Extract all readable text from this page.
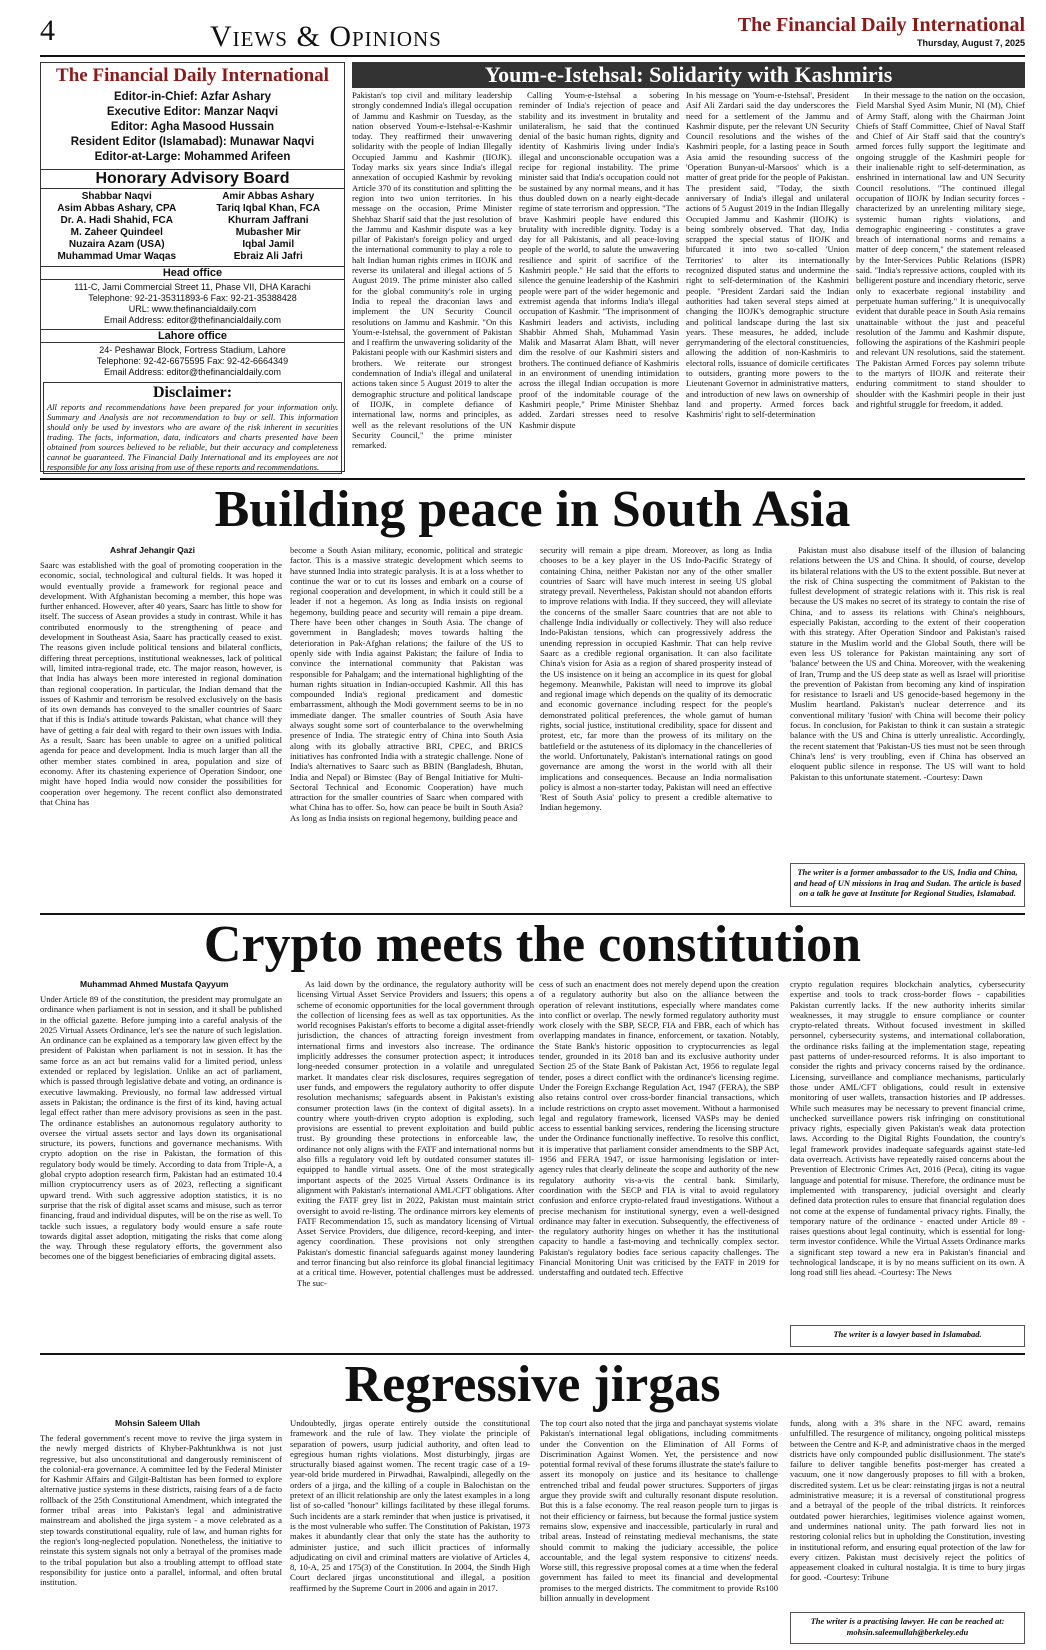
4	Views & Opinions	The Financial Daily International
Thursday, August 7, 2025
The Financial Daily International
Editor-in-Chief: Azfar Ashary
Executive Editor: Manzar Naqvi
Editor: Agha Masood Hussain
Resident Editor (Islamabad): Munawar Naqvi
Editor-at-Large: Mohammed Arifeen
Honorary Advisory Board
Shabbar Naqvi
Asim Abbas Ashary, CPA
Dr. A. Hadi Shahid, FCA
M. Zaheer Quindeel
Nuzaira Azam (USA)
Muhammad Umar Waqas
Amir Abbas Ashary
Tariq Iqbal Khan, FCA
Khurram Jaffrani
Mubasher Mir
Iqbal Jamil
Ebraiz Ali Jafri
Head office
111-C, Jami Commercial Street 11, Phase VII, DHA Karachi
Telephone: 92-21-35311893-6 Fax: 92-21-35388428
URL: www.thefinancialdaily.com
Email Address: editor@thefinancialdaily.com
Lahore office
24- Peshawar Block, Fortress Stadium, Lahore
Telephone: 92-42-6675595 Fax: 92-42-6664349
Email Address: editor@thefinancialdaily.com
Disclaimer:
All reports and recommendations have been prepared for your information only. Summary and Analysis are not recommendation to buy or sell. This information should only be used by investors who are aware of the risk inherent in securities trading. The facts, information, data, indicators and charts presented have been obtained from sources believed to be reliable, but their accuracy and completeness cannot be guaranteed. The Financial Daily International and its employees are not responsible for any loss arising from use of these reports and recommendations.
Youm-e-Istehsal: Solidarity with Kashmiris

Pakistan's top civil and military leadership strongly condemned India's illegal occupation of Jammu and Kashmir on Tuesday, as the nation observed Youm-e-Istehsal-e-Kashmir today. They reaffirmed their unwavering solidarity with the people of Indian Illegally Occupied Jammu and Kashmir (IIOJK). Today marks six years since India's illegal annexation of occupied Kashmir by revoking Article 370 of its constitution and splitting the region into two union territories. In his message on the occasion, Prime Minister Shehbaz Sharif said that the just resolution of the Jammu and Kashmir dispute was a key pillar of Pakistan's foreign policy and urged the international community to play a role to halt Indian human rights crimes in IIOJK and reverse its unilateral and illegal actions of 5 August 2019. The prime minister also called for the global community's role in urging India to repeal the draconian laws and implement the UN Security Council resolutions on Jammu and Kashmir. "On this Youm-e-Istehsal, the government of Pakistan and I reaffirm the unwavering solidarity of the Pakistani people with our Kashmiri sisters and brothers. We reiterate our strongest condemnation of India's illegal and unilateral actions taken since 5 August 2019 to alter the demographic structure and political landscape of IIOJK, in complete defiance of international law, norms and principles, as well as the relevant resolutions of the UN Security Council," the prime minister remarked.

Calling Youm-e-Istehsal a sobering reminder of India's rejection of peace and stability and its investment in brutality and unilateralism, he said that the continued denial of the basic human rights, dignity and identity of Kashmiris living under India's illegal and unconscionable occupation was a recipe for regional instability. The prime minister said that India's occupation could not be sustained by any normal means, and it has thus doubled down on a nearly eight-decade regime of state terrorism and oppression. "The brave Kashmiri people have endured this brutality with incredible dignity. Today is a day for all Pakistanis, and all peace-loving people of the world, to salute the unwavering resilience and spirit of sacrifice of the Kashmiri people." He said that the efforts to silence the genuine leadership of the Kashmiri people were part of the wider hegemonic and extremist agenda that informs India's illegal occupation of Kashmir. "The imprisonment of Kashmiri leaders and activists, including Shabbir Ahmed Shah, Muhammad Yasin Malik and Masarrat Alam Bhatt, will never dim the resolve of our Kashmiri sisters and brothers. The continued defiance of Kashmiris in an environment of unending intimidation across the illegal Indian occupation is more proof of the indomitable courage of the Kashmiri people," Prime Minister Shehbaz added. Zardari stresses need to resolve Kashmir dispute

In his message on 'Youm-e-Istehsal', President Asif Ali Zardari said the day underscores the need for a settlement of the Jammu and Kashmir dispute, per the relevant UN Security Council resolutions and the wishes of the Kashmiri people, for a lasting peace in South Asia amid the resounding success of the 'Operation Bunyan-ul-Marsoos' which is a matter of great pride for the people of Pakistan. The president said, "Today, the sixth anniversary of India's illegal and unilateral actions of 5 August 2019 in the Indian Illegally Occupied Jammu and Kashmir (IIOJK) is being sombrely observed. That day, India scrapped the special status of IIOJK and bifurcated it into two so-called 'Union Territories' to alter its internationally recognized disputed status and undermine the right to self-determination of the Kashmiri people. "President Zardari said the Indian authorities had taken several steps aimed at changing the IIOJK's demographic structure and political landscape during the last six years. These measures, he added, include gerrymandering of the electoral constituencies, allowing the addition of non-Kashmiris to electoral rolls, issuance of domicile certificates to outsiders, granting more powers to the Lieutenant Governor in administrative matters, and introduction of new laws on ownership of land and property. Armed forces back Kashmiris' right to self-determination

In their message to the nation on the occasion, Field Marshal Syed Asim Munir, NI (M), Chief of Army Staff, along with the Chairman Joint Chiefs of Staff Committee, Chief of Naval Staff and Chief of Air Staff said that the country's armed forces fully support the legitimate and ongoing struggle of the Kashmiri people for their inalienable right to self-determination, as enshrined in international law and UN Security Council resolutions. "The continued illegal occupation of IIOJK by Indian security forces - characterized by an unrelenting military siege, systemic human rights violations, and demographic engineering - constitutes a grave breach of international norms and remains a matter of deep concern," the statement released by the Inter-Services Public Relations (ISPR) said. "India's repressive actions, coupled with its belligerent posture and incendiary rhetoric, serve only to exacerbate regional instability and perpetuate human suffering." It is unequivocally evident that durable peace in South Asia remains unattainable without the just and peaceful resolution of the Jammu and Kashmir dispute, following the aspirations of the Kashmiri people and relevant UN resolutions, said the statement. The Pakistan Armed Forces pay solemn tribute to the martyrs of IIOJK and reiterate their enduring commitment to stand shoulder to shoulder with the Kashmiri people in their just and rightful struggle for freedom, it added.

Building peace in South Asia
Ashraf Jehangir Qazi

Saarc was established with the goal of promoting cooperation in the economic, social, technological and cultural fields. It was hoped it would eventually provide a framework for regional peace and development. With Afghanistan becoming a member, this hope was further enhanced. However, after 40 years, Saarc has little to show for itself. The success of Asean provides a study in contrast. While it has contributed enormously to the strengthening of peace and development in Southeast Asia, Saarc has practically ceased to exist. The reasons given include political tensions and bilateral conflicts, differing threat perceptions, institutional weaknesses, lack of political will, limited intra-regional trade, etc. The major reason, however, is that India has always been more interested in regional domination than regional cooperation. In particular, the Indian demand that the issues of Kashmir and terrorism be resolved exclusively on the basis of its own demands has conveyed to the smaller countries of Saarc that if this is India's attitude towards Pakistan, what chance will they have of getting a fair deal with regard to their own issues with India. As a result, Saarc has been unable to agree on a unified political agenda for peace and development. India is much larger than all the other member states combined in area, population and size of economy. After its chastening experience of Operation Sindoor, one might have hoped India would now consider the possibilities for cooperation over hegemony. The recent conflict also demonstrated that China has

become a South Asian military, economic, political and strategic factor. This is a massive strategic development which seems to have stunned India into strategic paralysis. It is at a loss whether to continue the war or to cut its losses and embark on a course of regional cooperation and development, in which it could still be a leader if not a hegemon. As long as India insists on regional hegemony, building peace and security will remain a pipe dream. There have been other changes in South Asia. The change of government in Bangladesh; moves towards halting the deterioration in Pak-Afghan relations; the failure of the US to openly side with India against Pakistan; the failure of India to convince the international community that Pakistan was responsible for Pahalgam; and the international highlighting of the human rights situation in Indian-occupied Kashmir. All this has compounded India's regional predicament and domestic embarrassment, although the Modi government seems to be in no immediate danger. The smaller countries of South Asia have always sought some sort of counterbalance to the overwhelming presence of India. The strategic entry of China into South Asia along with its globally attractive BRI, CPEC, and BRICS initiatives has confronted India with a strategic challenge. None of India's alternatives to Saarc such as BBIN (Bangladesh, Bhutan, India and Nepal) or Bimstec (Bay of Bengal Initiative for Multi-Sectoral Technical and Economic Cooperation) have much attraction for the smaller countries of Saarc when compared with what China has to offer. So, how can peace be built in South Asia? As long as India insists on regional hegemony, building peace and

security will remain a pipe dream. Moreover, as long as India chooses to be a key player in the US Indo-Pacific Strategy of containing China, neither Pakistan nor any of the other smaller countries of Saarc will have much interest in seeing US global strategy prevail. Nevertheless, Pakistan should not abandon efforts to improve relations with India. If they succeed, they will alleviate the concerns of the smaller Saarc countries that are not able to challenge India individually or collectively. They will also reduce Indo-Pakistan tensions, which can progressively address the unending repression in occupied Kashmir. That can help revive Saarc as a credible regional organisation. It can also facilitate China's vision for Asia as a region of shared prosperity instead of the US insistence on it being an accomplice in its quest for global hegemony. Meanwhile, Pakistan will need to improve its global and regional image which depends on the quality of its democratic and economic governance including respect for the people's demonstrated political preferences, the whole gamut of human rights, social justice, institutional credibility, space for dissent and protest, etc, far more than the prowess of its military on the battlefield or the astuteness of its diplomacy in the chancelleries of the world. Unfortunately, Pakistan's international ratings on good governance are among the worst in the world with all their implications and consequences. Because an India normalisation policy is almost a non-starter today, Pakistan will need an effective 'Rest of South Asia' policy to present a credible alternative to Indian hegemony.

Pakistan must also disabuse itself of the illusion of balancing relations between the US and China. It should, of course, develop its bilateral relations with the US to the extent possible. But never at the risk of China suspecting the commitment of Pakistan to the fullest development of strategic relations with it. This risk is real because the US makes no secret of its strategy to contain the rise of China, and to assess its relations with China's neighbours, especially Pakistan, according to the extent of their cooperation with this strategy. After Operation Sindoor and Pakistan's raised stature in the Muslim world and the Global South, there will be even less US tolerance for Pakistan maintaining any sort of 'balance' between the US and China. Moreover, with the weakening of Iran, Trump and the US deep state as well as Israel will prioritise the prevention of Pakistan from becoming any kind of inspiration for resistance to Israeli and US genocide-based hegemony in the Muslim heartland. Pakistan's nuclear deterrence and its conventional military 'fusion' with China will become their policy focus. In conclusion, for Pakistan to think it can sustain a strategic balance with the US and China is utterly unrealistic. Accordingly, the recent statement that 'Pakistan-US ties must not be seen through China's lens' is very troubling, even if China has observed an eloquent public silence in response. The US will want to hold Pakistan to this unfortunate statement. -Courtesy: Dawn

The writer is a former ambassador to the US, India and China, and head of UN missions in Iraq and Sudan. The article is based on a talk he gave at Institute for Regional Studies, Islamabad.
Crypto meets the constitution
Muhammad Ahmed Mustafa Qayyum

Under Article 89 of the constitution, the president may promulgate an ordinance when parliament is not in session, and it shall be published in the official gazette. Before jumping into a careful analysis of the 2025 Virtual Assets Ordinance, let's see the nature of such legislation. An ordinance can be explained as a temporary law given effect by the president of Pakistan when parliament is not in session. It has the same force as an act but remains valid for a limited period, unless extended or replaced by legislation. Unlike an act of parliament, which is passed through legislative debate and voting, an ordinance is executive lawmaking. Previously, no formal law addressed virtual assets in Pakistan; the ordinance is the first of its kind, having actual legal effect rather than mere advisory provisions as seen in the past. The ordinance establishes an autonomous regulatory authority to oversee the virtual assets sector and lays down its organisational structure, its powers, functions and governance mechanisms. With crypto adoption on the rise in Pakistan, the formation of this regulatory body would be timely. According to data from Triple-A, a global crypto adoption research firm, Pakistan had an estimated 10.4 million cryptocurrency users as of 2023, reflecting a significant upward trend. With such aggressive adoption statistics, it is no surprise that the risk of digital asset scams and misuse, such as terror financing, fraud and individual disputes, will be on the rise as well. To tackle such issues, a regulatory body would ensure a safe route towards digital asset adoption, mitigating the risks that come along the way. Through these regulatory efforts, the government also becomes one of the biggest beneficiaries of embracing digital assets.

As laid down by the ordinance, the regulatory authority will be licensing Virtual Asset Service Providers and Issuers; this opens a scheme of economic opportunities for the local government through the collection of licensing fees as well as tax opportunities. As the world recognises Pakistan's efforts to become a digital asset-friendly jurisdiction, the chances of attracting foreign investment from international firms and investors also increase. The ordinance implicitly addresses the consumer protection aspect; it introduces long-needed consumer protection in a volatile and unregulated market. It mandates clear risk disclosures, requires segregation of user funds, and empowers the regulatory authority to offer dispute resolution mechanisms; safeguards absent in Pakistan's existing consumer protection laws (in the context of digital assets). In a country where youth-driven crypto adoption is exploding, such provisions are essential to prevent exploitation and build public trust. By grounding these protections in enforceable law, the ordinance not only aligns with the FATF and international norms but also fills a regulatory void left by outdated consumer statutes ill-equipped to handle virtual assets. One of the most strategically important aspects of the 2025 Virtual Assets Ordinance is its alignment with Pakistan's international AML/CFT obligations. After exiting the FATF grey list in 2022, Pakistan must maintain strict oversight to avoid re-listing. The ordinance mirrors key elements of FATF Recommendation 15, such as mandatory licensing of Virtual Asset Service Providers, due diligence, record-keeping, and inter-agency coordination. These provisions not only strengthen Pakistan's domestic financial safeguards against money laundering and terror financing but also reinforce its global financial legitimacy at a critical time. However, potential challenges must be addressed. The suc-

cess of such an enactment does not merely depend upon the creation of a regulatory authority but also on the alliance between the operation of relevant institutions, especially where mandates come into conflict or overlap. The newly formed regulatory authority must work closely with the SBP, SECP, FIA and FBR, each of which has overlapping mandates in finance, enforcement, or taxation. Notably, the State Bank's historic opposition to cryptocurrencies as legal tender, grounded in its 2018 ban and its exclusive authority under Section 25 of the State Bank of Pakistan Act, 1956 to regulate legal tender, poses a direct conflict with the ordinance's licensing regime. Under the Foreign Exchange Regulation Act, 1947 (FERA), the SBP also retains control over cross-border financial transactions, which include restrictions on crypto asset movement. Without a harmonised legal and regulatory framework, licensed VASPs may be denied access to essential banking services, rendering the licensing structure under the Ordinance functionally ineffective. To resolve this conflict, it is imperative that parliament consider amendments to the SBP Act, 1956 and FERA 1947, or issue harmonising legislation or inter-agency rules that clearly delineate the scope and authority of the new regulatory authority vis-a-vis the central bank. Similarly, coordination with the SECP and FIA is vital to avoid regulatory confusion and enforce crypto-related fraud investigations. Without a precise mechanism for institutional synergy, even a well-designed ordinance may falter in execution. Subsequently, the effectiveness of the regulatory authority hinges on whether it has the institutional capacity to handle a fast-moving and technically complex sector. Pakistan's regulatory bodies face serious capacity challenges. The Financial Monitoring Unit was criticised by the FATF in 2019 for understaffing and outdated tech. Effective

crypto regulation requires blockchain analytics, cybersecurity expertise and tools to track cross-border flows - capabilities Pakistan currently lacks. If the new authority inherits similar weaknesses, it may struggle to ensure compliance or counter crypto-related threats. Without focused investment in skilled personnel, cybersecurity systems, and international collaboration, the ordinance risks failing at the implementation stage, repeating past patterns of under-resourced reforms. It is also important to consider the rights and privacy concerns raised by the ordinance. Licensing, surveillance and compliance mechanisms, particularly those under AML/CFT obligations, could result in extensive monitoring of user wallets, transaction histories and IP addresses. While such measures may be necessary to prevent financial crime, unchecked surveillance powers risk infringing on constitutional privacy rights, especially given Pakistan's weak data protection laws. According to the Digital Rights Foundation, the country's legal framework provides inadequate safeguards against state-led data overreach. Activists have repeatedly raised concerns about the Prevention of Electronic Crimes Act, 2016 (Peca), citing its vague language and potential for misuse. Therefore, the ordinance must be implemented with transparency, judicial oversight and clearly defined data protection rules to ensure that financial regulation does not come at the expense of fundamental privacy rights. Finally, the temporary nature of the ordinance - enacted under Article 89 - raises questions about legal continuity, which is essential for long-term investor confidence. While the Virtual Assets Ordinance marks a significant step toward a new era in Pakistan's financial and technological landscape, it is by no means sufficient on its own. A long road still lies ahead. -Courtesy: The News

The writer is a lawyer based in Islamabad.
Regressive jirgas
Mohsin Saleem Ullah

The federal government's recent move to revive the jirga system in the newly merged districts of Khyber-Pakhtunkhwa is not just regressive, but also unconstitutional and dangerously reminiscent of the colonial-era governance. A committee led by the Federal Minister for Kashmir Affairs and Gilgit-Baltistan has been formed to explore alternative justice systems in these districts, raising fears of a de facto rollback of the 25th Constitutional Amendment, which integrated the former tribal areas into Pakistan's legal and administrative mainstream and abolished the jirga system - a move celebrated as a step towards constitutional equality, rule of law, and human rights for the region's long-neglected population. Nonetheless, the initiative to reinstate this system signals not only a betrayal of the promises made to the tribal population but also a troubling attempt to offload state responsibility for justice onto a parallel, informal, and often brutal institution.

Undoubtedly, jirgas operate entirely outside the constitutional framework and the rule of law. They violate the principle of separation of powers, usurp judicial authority, and often lead to egregious human rights violations. Most disturbingly, jirgas are structurally biased against women. The recent tragic case of a 19-year-old bride murdered in Pirwadhai, Rawalpindi, allegedly on the orders of a jirga, and the killing of a couple in Balochistan on the pretext of an illicit relationship are only the latest examples in a long list of so-called "honour" killings facilitated by these illegal forums. Such incidents are a stark reminder that when justice is privatised, it is the most vulnerable who suffer. The Constitution of Pakistan, 1973 makes it abundantly clear that only the state has the authority to administer justice, and such illicit practices of informally adjudicating on civil and criminal matters are violative of Articles 4, 8, 10-A, 25 and 175(3) of the Constitution. In 2004, the Sindh High Court declared jirgas unconstitutional and illegal, a position reaffirmed by the Supreme Court in 2006 and again in 2017.

The top court also noted that the jirga and panchayat systems violate Pakistan's international legal obligations, including commitments under the Convention on the Elimination of All Forms of Discrimination Against Women. Yet, the persistence and now potential formal revival of these forums illustrate the state's failure to assert its monopoly on justice and its hesitance to challenge entrenched tribal and feudal power structures. Supporters of jirgas argue they provide swift and culturally resonant dispute resolution. But this is a false economy. The real reason people turn to jirgas is not their efficiency or fairness, but because the formal justice system remains slow, expensive and inaccessible, particularly in rural and tribal areas. Instead of reinstating medieval mechanisms, the state should commit to making the judiciary accessible, the police accountable, and the legal system responsive to citizens' needs. Worse still, this regressive proposal comes at a time when the federal government has failed to meet its financial and developmental promises to the merged districts. The commitment to provide Rs100 billion annually in development

funds, along with a 3% share in the NFC award, remains unfulfilled. The resurgence of militancy, ongoing political missteps between the Centre and K-P, and administrative chaos in the merged districts have only compounded public disillusionment. The state's failure to deliver tangible benefits post-merger has created a vacuum, one it now dangerously proposes to fill with a broken, discredited system. Let us be clear: reinstating jirgas is not a neutral administrative measure; it is a reversal of constitutional progress and a betrayal of the people of the tribal districts. It reinforces outdated power hierarchies, legitimises violence against women, and undermines national unity. The path forward lies not in restoring colonial relics but in upholding the Constitution, investing in institutional reform, and ensuring equal protection of the law for every citizen. Pakistan must decisively reject the politics of appeasement cloaked in cultural nostalgia. It is time to bury jirgas for good. -Courtesy: Tribune

The writer is a practising lawyer. He can be reached at: mohsin.saleemullah@berkeley.edu
